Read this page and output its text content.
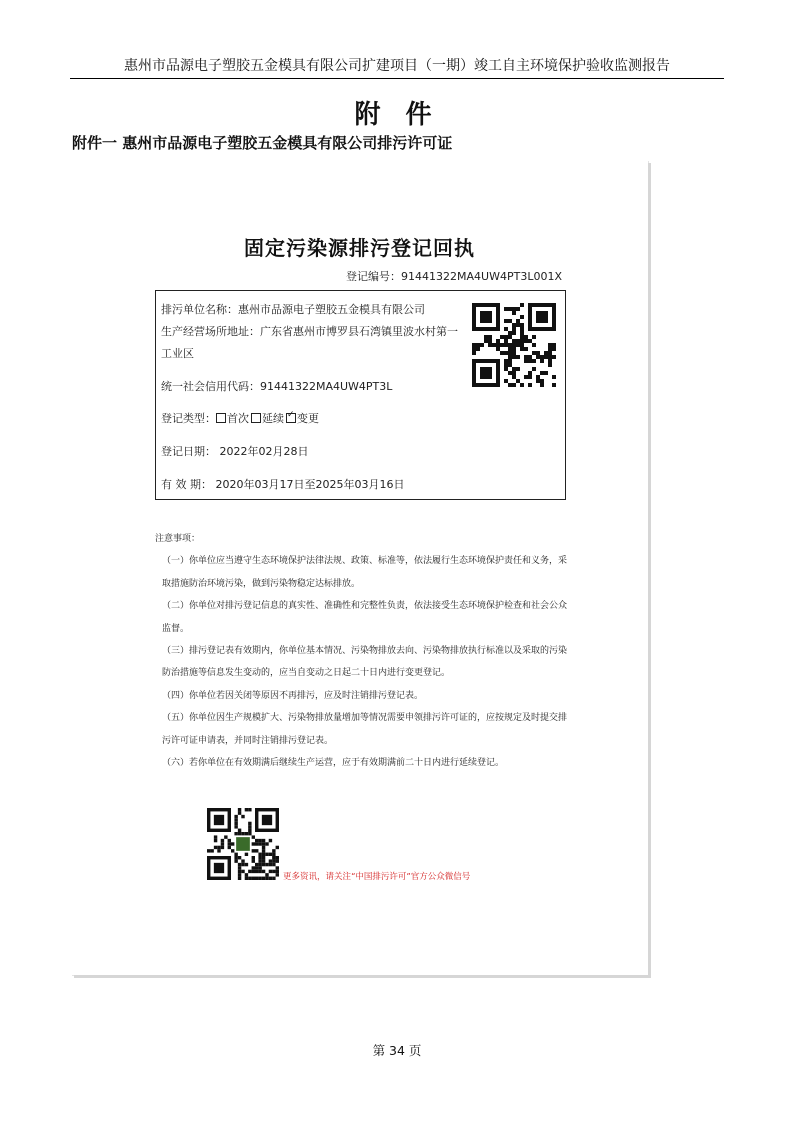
惠州市品源电子塑胶五金模具有限公司扩建项目（一期）竣工自主环境保护验收监测报告
附 件
附件一 惠州市品源电子塑胶五金模具有限公司排污许可证
固定污染源排污登记回执
登记编号：91441322MA4UW4PT3L001X
排污单位名称：惠州市品源电子塑胶五金模具有限公司
生产经营场所地址：广东省惠州市博罗县石湾镇里波水村第一工业区
统一社会信用代码：91441322MA4UW4PT3L
登记类型： 首次 延续✓ 变更
登记日期： 2022年02月28日
有 效 期： 2020年03月17日至2025年03月16日

注意事项：

（一）你单位应当遵守生态环境保护法律法规、政策、标准等，依法履行生态环境保护责任和义务，采取措施防治环境污染，做到污染物稳定达标排放。

（二）你单位对排污登记信息的真实性、准确性和完整性负责，依法接受生态环境保护检查和社会公众监督。

（三）排污登记表有效期内，你单位基本情况、污染物排放去向、污染物排放执行标准以及采取的污染防治措施等信息发生变动的，应当自变动之日起二十日内进行变更登记。

（四）你单位若因关闭等原因不再排污，应及时注销排污登记表。

（五）你单位因生产规模扩大、污染物排放量增加等情况需要申领排污许可证的，应按规定及时提交排污许可证申请表，并同时注销排污登记表。

（六）若你单位在有效期满后继续生产运营，应于有效期满前二十日内进行延续登记。

更多资讯，请关注“中国排污许可”官方公众微信号
第 34 页
